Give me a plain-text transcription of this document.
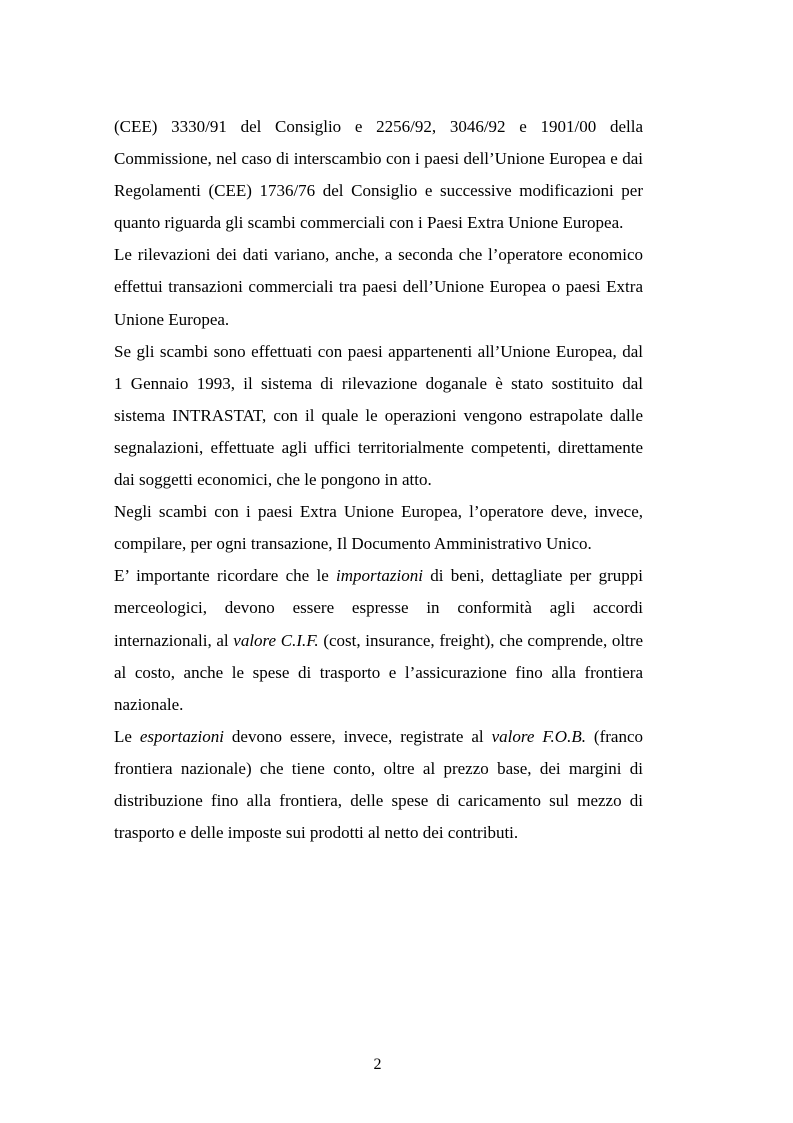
(CEE) 3330/91 del Consiglio e 2256/92, 3046/92 e 1901/00 della Commissione, nel caso di interscambio con i paesi dell’Unione Europea e dai Regolamenti (CEE) 1736/76 del Consiglio e successive modificazioni per quanto riguarda gli scambi commerciali con i Paesi Extra Unione Europea.

Le rilevazioni dei dati variano, anche, a seconda che l’operatore economico effettui transazioni commerciali tra paesi dell’Unione Europea o paesi Extra Unione Europea.

Se gli scambi sono effettuati con paesi appartenenti all’Unione Europea, dal 1 Gennaio 1993, il sistema di rilevazione doganale è stato sostituito dal sistema INTRASTAT, con il quale le operazioni vengono estrapolate dalle segnalazioni, effettuate agli uffici territorialmente competenti, direttamente dai soggetti economici, che le pongono in atto.

Negli scambi con i paesi Extra Unione Europea, l’operatore deve, invece, compilare, per ogni transazione, Il Documento Amministrativo Unico.

E’ importante ricordare che le importazioni di beni, dettagliate per gruppi merceologici, devono essere espresse in conformità agli accordi internazionali, al valore C.I.F. (cost, insurance, freight), che comprende, oltre al costo, anche le spese di trasporto e l’assicurazione fino alla frontiera nazionale.

Le esportazioni devono essere, invece, registrate al valore F.O.B. (franco frontiera nazionale) che tiene conto, oltre al prezzo base, dei margini di distribuzione fino alla frontiera, delle spese di caricamento sul mezzo di trasporto e delle imposte sui prodotti al netto dei contributi.

2
